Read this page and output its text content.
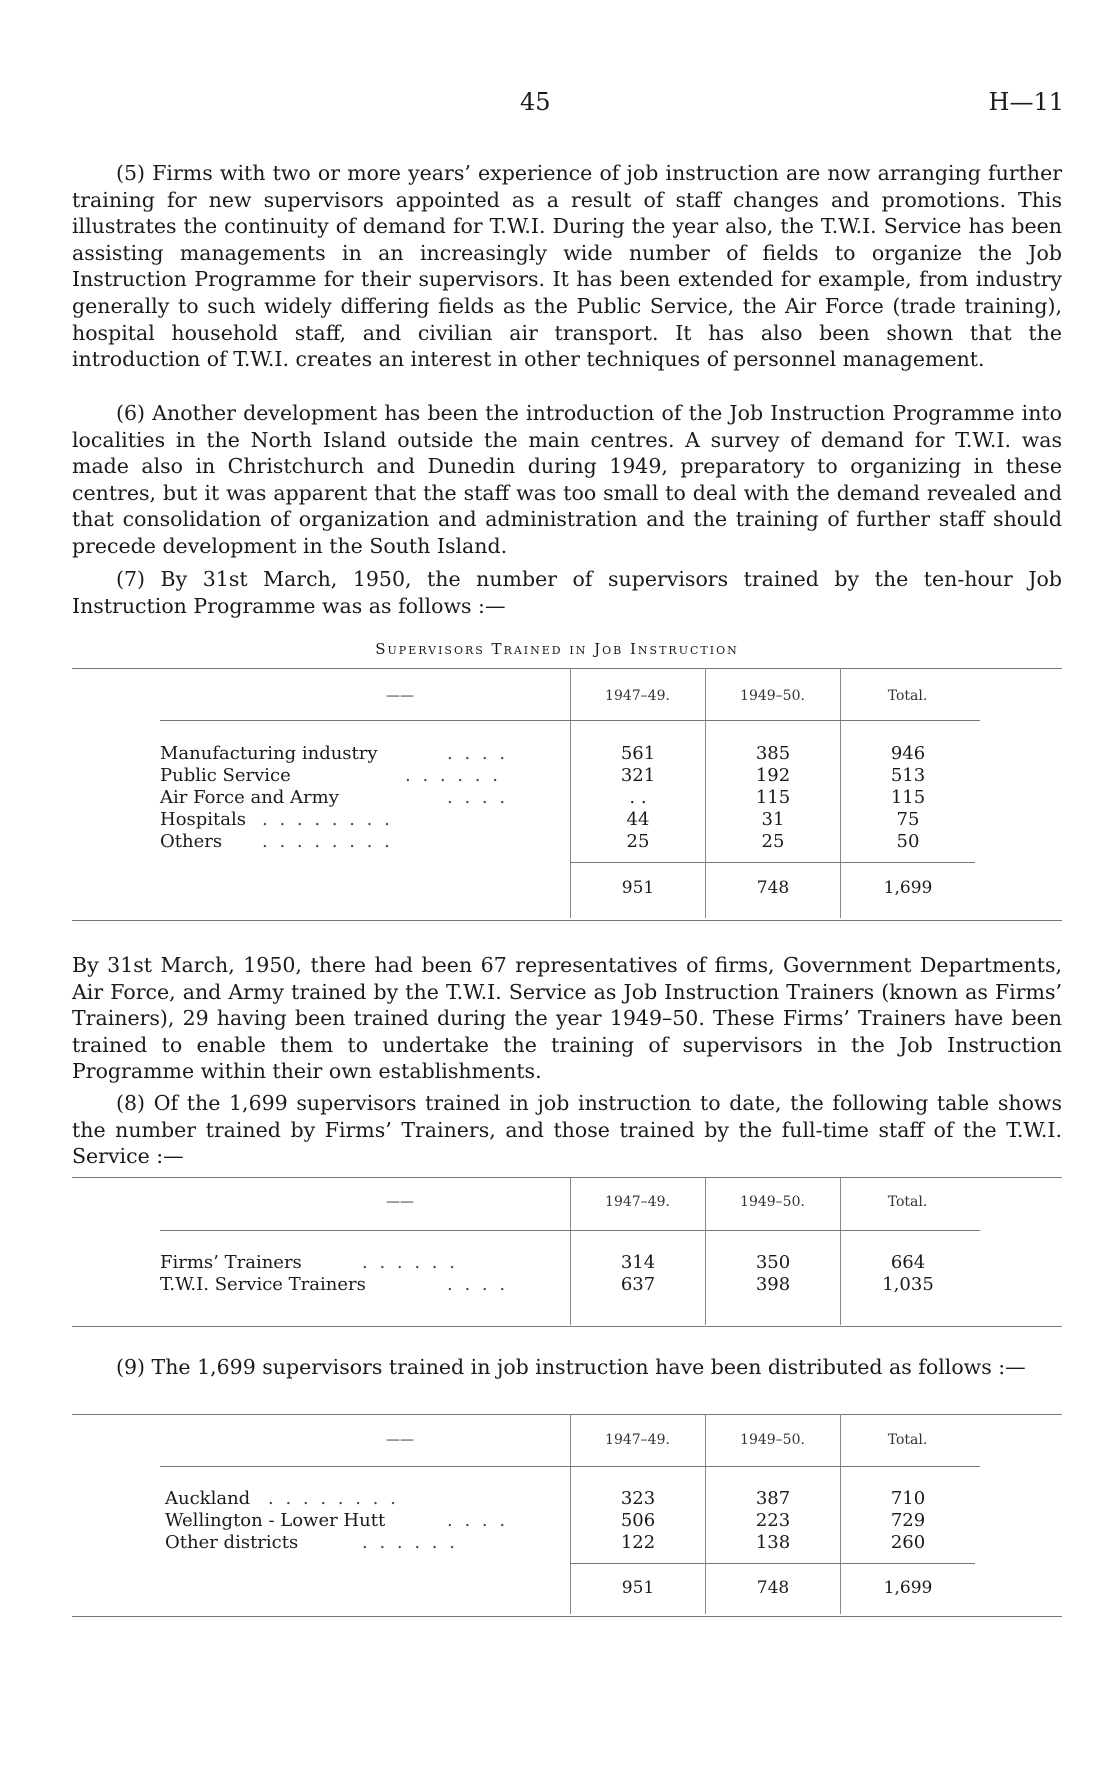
45	H—11

(5) Firms with two or more years’ experience of job instruction are now arranging further training for new supervisors appointed as a result of staff changes and promotions. This illustrates the continuity of demand for T.W.I. During the year also, the T.W.I. Service has been assisting managements in an increasingly wide number of fields to organize the Job Instruction Programme for their supervisors. It has been extended for example, from industry generally to such widely differing fields as the Public Service, the Air Force (trade training), hospital household staff, and civilian air transport. It has also been shown that the introduction of T.W.I. creates an interest in other techniques of personnel management.

(6) Another development has been the introduction of the Job Instruction Programme into localities in the North Island outside the main centres. A survey of demand for T.W.I. was made also in Christchurch and Dunedin during 1949, preparatory to organizing in these centres, but it was apparent that the staff was too small to deal with the demand revealed and that consolidation of organization and administration and the training of further staff should precede development in the South Island.

(7) By 31st March, 1950, the number of supervisors trained by the ten-hour Job Instruction Programme was as follows :—

Supervisors Trained in Job Instruction
——	1947–49.	1949–50.	Total.
Manufacturing industry	. . . .	561	385	946
Public Service	. . . . . .	321	192	513
Air Force and Army	. . . .	. .	115	115
Hospitals . . . . . . . .	44	31	75
Others . . . . . . . .	25	25	50
951	748	1,699

By 31st March, 1950, there had been 67 representatives of firms, Government Departments, Air Force, and Army trained by the T.W.I. Service as Job Instruction Trainers (known as Firms’ Trainers), 29 having been trained during the year 1949–50. These Firms’ Trainers have been trained to enable them to undertake the training of supervisors in the Job Instruction Programme within their own establishments.

(8) Of the 1,699 supervisors trained in job instruction to date, the following table shows the number trained by Firms’ Trainers, and those trained by the full-time staff of the T.W.I. Service :—

——	1947–49.	1949–50.	Total.
Firms’ Trainers	. . . . . .	314	350	664
T.W.I. Service Trainers	. . . .	637	398	1,035

(9) The 1,699 supervisors trained in job instruction have been distributed as follows :—

——	1947–49.	1949–50.	Total.
Auckland . . . . . . . .	323	387	710
Wellington - Lower Hutt	. . . .	506	223	729
Other districts	. . . . . .	122	138	260
951	748	1,699
